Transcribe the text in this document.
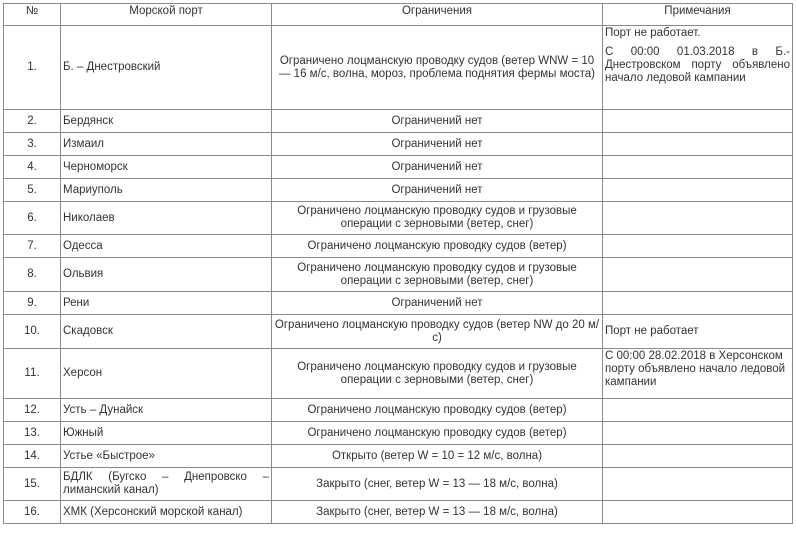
№	Морской порт	Ограничения	Примечания
1.	Б. – Днестровский	Ограничено лоцманскую проводку судов (ветер WNW = 10 — 16 м/с, волна, мороз, проблема поднятия фермы моста)	Порт не работает.
С 00:00 01.03.2018 в Б.-Днестровском порту объявлено начало ледовой кампании

2.	Бердянск	Ограничений нет	
3.	Измаил	Ограничений нет	
4.	Черноморск	Ограничений нет	
5.	Мариуполь	Ограничений нет	
6.	Николаев	Ограничено лоцманскую проводку судов и грузовые операции с зерновыми (ветер, снег)	
7.	Одесса	Ограничено лоцманскую проводку судов (ветер)	
8.	Ольвия	Ограничено лоцманскую проводку судов и грузовые операции с зерновыми (ветер, снег)	
9.	Рени	Ограничений нет	
10.	Скадовск	Ограничено лоцманскую проводку судов (ветер NW до 20 м/с)	Порт не работает
11.	Херсон	Ограничено лоцманскую проводку судов и грузовые операции с зерновыми (ветер, снег)	С 00:00 28.02.2018 в Херсонском порту объявлено начало ледовой кампании
12.	Усть – Дунайск	Ограничено лоцманскую проводку судов (ветер)	
13.	Южный	Ограничено лоцманскую проводку судов (ветер)	
14.	Устье «Быстрое»	Открыто (ветер W = 10 = 12 м/с, волна)	
15.	БДЛК (Бугско – Днепровско – лиманский канал)	Закрыто (снег, ветер W = 13 — 18 м/с, волна)	
16.	ХМК (Херсонский морской канал)	Закрыто (снег, ветер W = 13 — 18 м/с, волна)	
